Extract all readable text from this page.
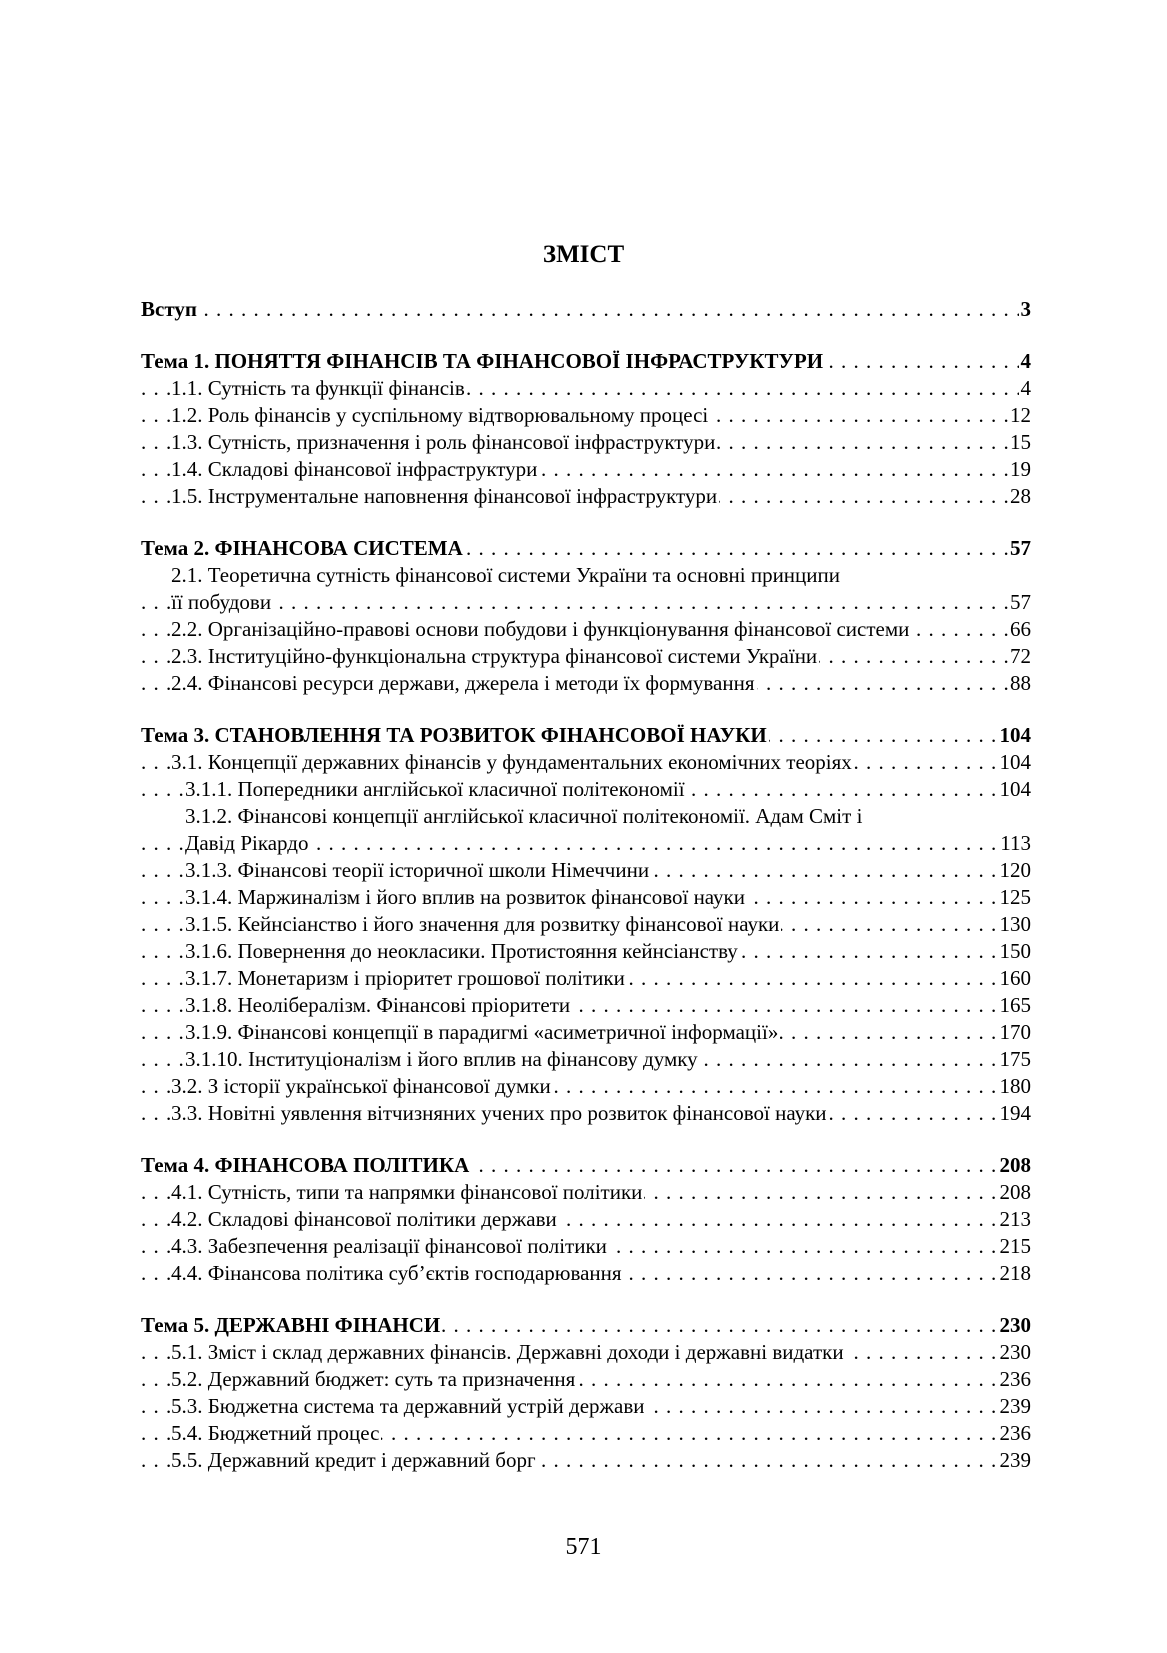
ЗМІСТ
. . .
Вступ	3
. . .
Тема 1. ПОНЯТТЯ ФІНАНСІВ ТА ФІНАНСОВОЇ ІНФРАСТРУКТУРИ	4
. . .
1.1. Сутність та функції фінансів	4
. . .
1.2. Роль фінансів у суспільному відтворювальному процесі	12
. . .
1.3. Сутність, призначення і роль фінансової інфраструктури	15
. . .
1.4. Складові фінансової інфраструктури	19
. . .
1.5. Інструментальне наповнення фінансової інфраструктури	28
. . .
Тема 2. ФІНАНСОВА СИСТЕМА	57
2.1. Теоретична сутність фінансової системи України та основні принципи
. . .
її побудови	57
. . .
2.2. Організаційно-правові основи побудови і функціонування фінансової системи	66
. . .
2.3. Інституційно-функціональна структура фінансової системи України	72
. . .
2.4. Фінансові ресурси держави, джерела і методи їх формування	88
. . .
Тема 3. СТАНОВЛЕННЯ ТА РОЗВИТОК ФІНАНСОВОЇ НАУКИ	104
. . .
3.1. Концепції державних фінансів у фундаментальних економічних теоріях	104
. . .
3.1.1. Попередники англійської класичної політекономії	104
3.1.2. Фінансові концепції англійської класичної політекономії. Адам Сміт і
. . .
Давід Рікардо	113
. . .
3.1.3. Фінансові теорії історичної школи Німеччини	120
. . .
3.1.4. Маржиналізм і його вплив на розвиток фінансової науки	125
. . .
3.1.5. Кейнсіанство і його значення для розвитку фінансової науки	130
. . .
3.1.6. Повернення до неокласики. Протистояння кейнсіанству	150
. . .
3.1.7. Монетаризм і пріоритет грошової політики	160
. . .
3.1.8. Неолібералізм. Фінансові пріоритети	165
. . .
3.1.9. Фінансові концепції в парадигмі «асиметричної інформації»	170
. . .
3.1.10. Інституціоналізм і його вплив на фінансову думку	175
. . .
3.2. З історії української фінансової думки	180
. . .
3.3. Новітні уявлення вітчизняних учених про розвиток фінансової науки	194
. . .
Тема 4. ФІНАНСОВА ПОЛІТИКА	208
. . .
4.1. Сутність, типи та напрямки фінансової політики	208
. . .
4.2. Складові фінансової політики держави	213
. . .
4.3. Забезпечення реалізації фінансової політики	215
. . .
4.4. Фінансова політика суб’єктів господарювання	218
. . .
Тема 5. ДЕРЖАВНІ ФІНАНСИ	230
. . .
5.1. Зміст і склад державних фінансів. Державні доходи і державні видатки	230
. . .
5.2. Державний бюджет: суть та призначення	236
. . .
5.3. Бюджетна система та державний устрій держави	239
. . .
5.4. Бюджетний процес	236
. . .
5.5. Державний кредит і державний борг	239
571
